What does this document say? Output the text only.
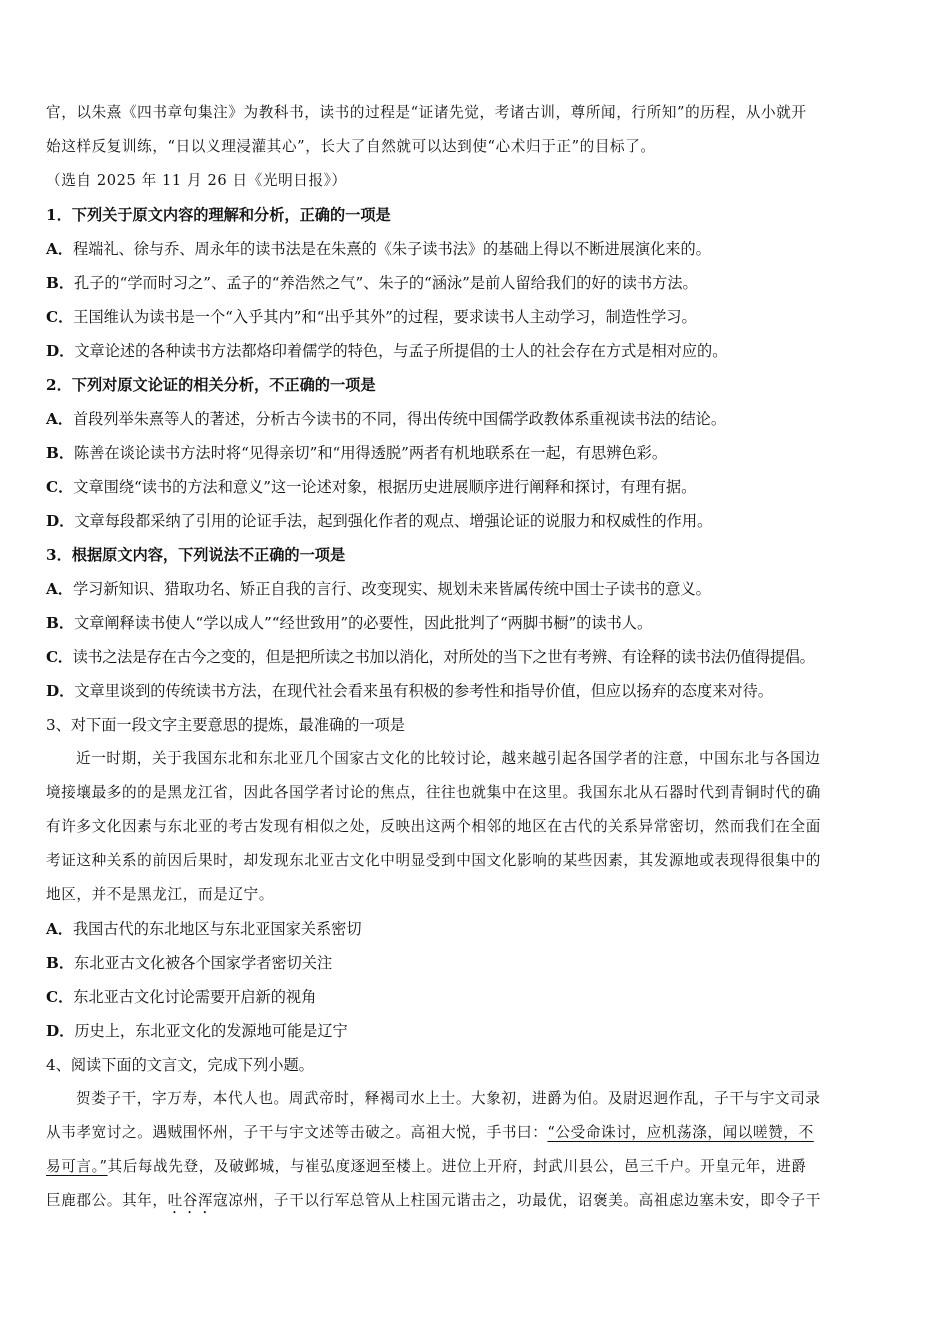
官，以朱熹《四书章句集注》为教科书，读书的过程是“证诸先觉，考诸古训，尊所闻，行所知”的历程，从小就开
始这样反复训练，“日以义理浸灌其心”，长大了自然就可以达到使“心术归于正”的目标了。
（选自 2025 年 11 月 26 日《光明日报》）
1．下列关于原文内容的理解和分析，正确的一项是
A．程端礼、徐与乔、周永年的读书法是在朱熹的《朱子读书法》的基础上得以不断进展演化来的。
B．孔子的“学而时习之”、孟子的“养浩然之气”、朱子的“涵泳”是前人留给我们的好的读书方法。
C．王国维认为读书是一个“入乎其内”和“出乎其外”的过程，要求读书人主动学习，制造性学习。
D．文章论述的各种读书方法都烙印着儒学的特色，与孟子所提倡的士人的社会存在方式是相对应的。
2．下列对原文论证的相关分析，不正确的一项是
A．首段列举朱熹等人的著述，分析古今读书的不同，得出传统中国儒学政教体系重视读书法的结论。
B．陈善在谈论读书方法时将“见得亲切”和“用得透脱”两者有机地联系在一起，有思辨色彩。
C．文章围绕“读书的方法和意义”这一论述对象，根据历史进展顺序进行阐释和探讨，有理有据。
D．文章每段都采纳了引用的论证手法，起到强化作者的观点、增强论证的说服力和权威性的作用。
3．根据原文内容，下列说法不正确的一项是
A．学习新知识、猎取功名、矫正自我的言行、改变现实、规划未来皆属传统中国士子读书的意义。
B．文章阐释读书使人“学以成人”“经世致用”的必要性，因此批判了“两脚书橱”的读书人。
C．读书之法是存在古今之变的，但是把所读之书加以消化，对所处的当下之世有考辨、有诠释的读书法仍值得提倡。
D．文章里谈到的传统读书方法，在现代社会看来虽有积极的参考性和指导价值，但应以扬弃的态度来对待。
3、对下面一段文字主要意思的提炼，最准确的一项是
近一时期，关于我国东北和东北亚几个国家古文化的比较讨论，越来越引起各国学者的注意，中国东北与各国边
境接壤最多的的是黑龙江省，因此各国学者讨论的焦点，往往也就集中在这里。我国东北从石器时代到青铜时代的确
有许多文化因素与东北亚的考古发现有相似之处，反映出这两个相邻的地区在古代的关系异常密切，然而我们在全面
考证这种关系的前因后果时，却发现东北亚古文化中明显受到中国文化影响的某些因素，其发源地或表现得很集中的
地区，并不是黑龙江，而是辽宁。
A．我国古代的东北地区与东北亚国家关系密切
B．东北亚古文化被各个国家学者密切关注
C．东北亚古文化讨论需要开启新的视角
D．历史上，东北亚文化的发源地可能是辽宁
4、阅读下面的文言文，完成下列小题。
贺娄子干，字万寿，本代人也。周武帝时，释褐司水上士。大象初，进爵为伯。及尉迟迥作乱，子干与宇文司录
从韦孝宽讨之。遇贼围怀州，子干与宇文述等击破之。高祖大悦，手书曰：“公受命诛讨，应机荡涤，闻以嗟赞，不
易可言。”其后每战先登，及破邺城，与崔弘度逐迥至楼上。进位上开府，封武川县公，邑三千户。开皇元年，进爵
巨鹿郡公。其年，吐谷浑寇凉州，子干以行军总管从上柱国元谐击之，功最优，诏褒美。高祖虑边塞未安，即令子干
